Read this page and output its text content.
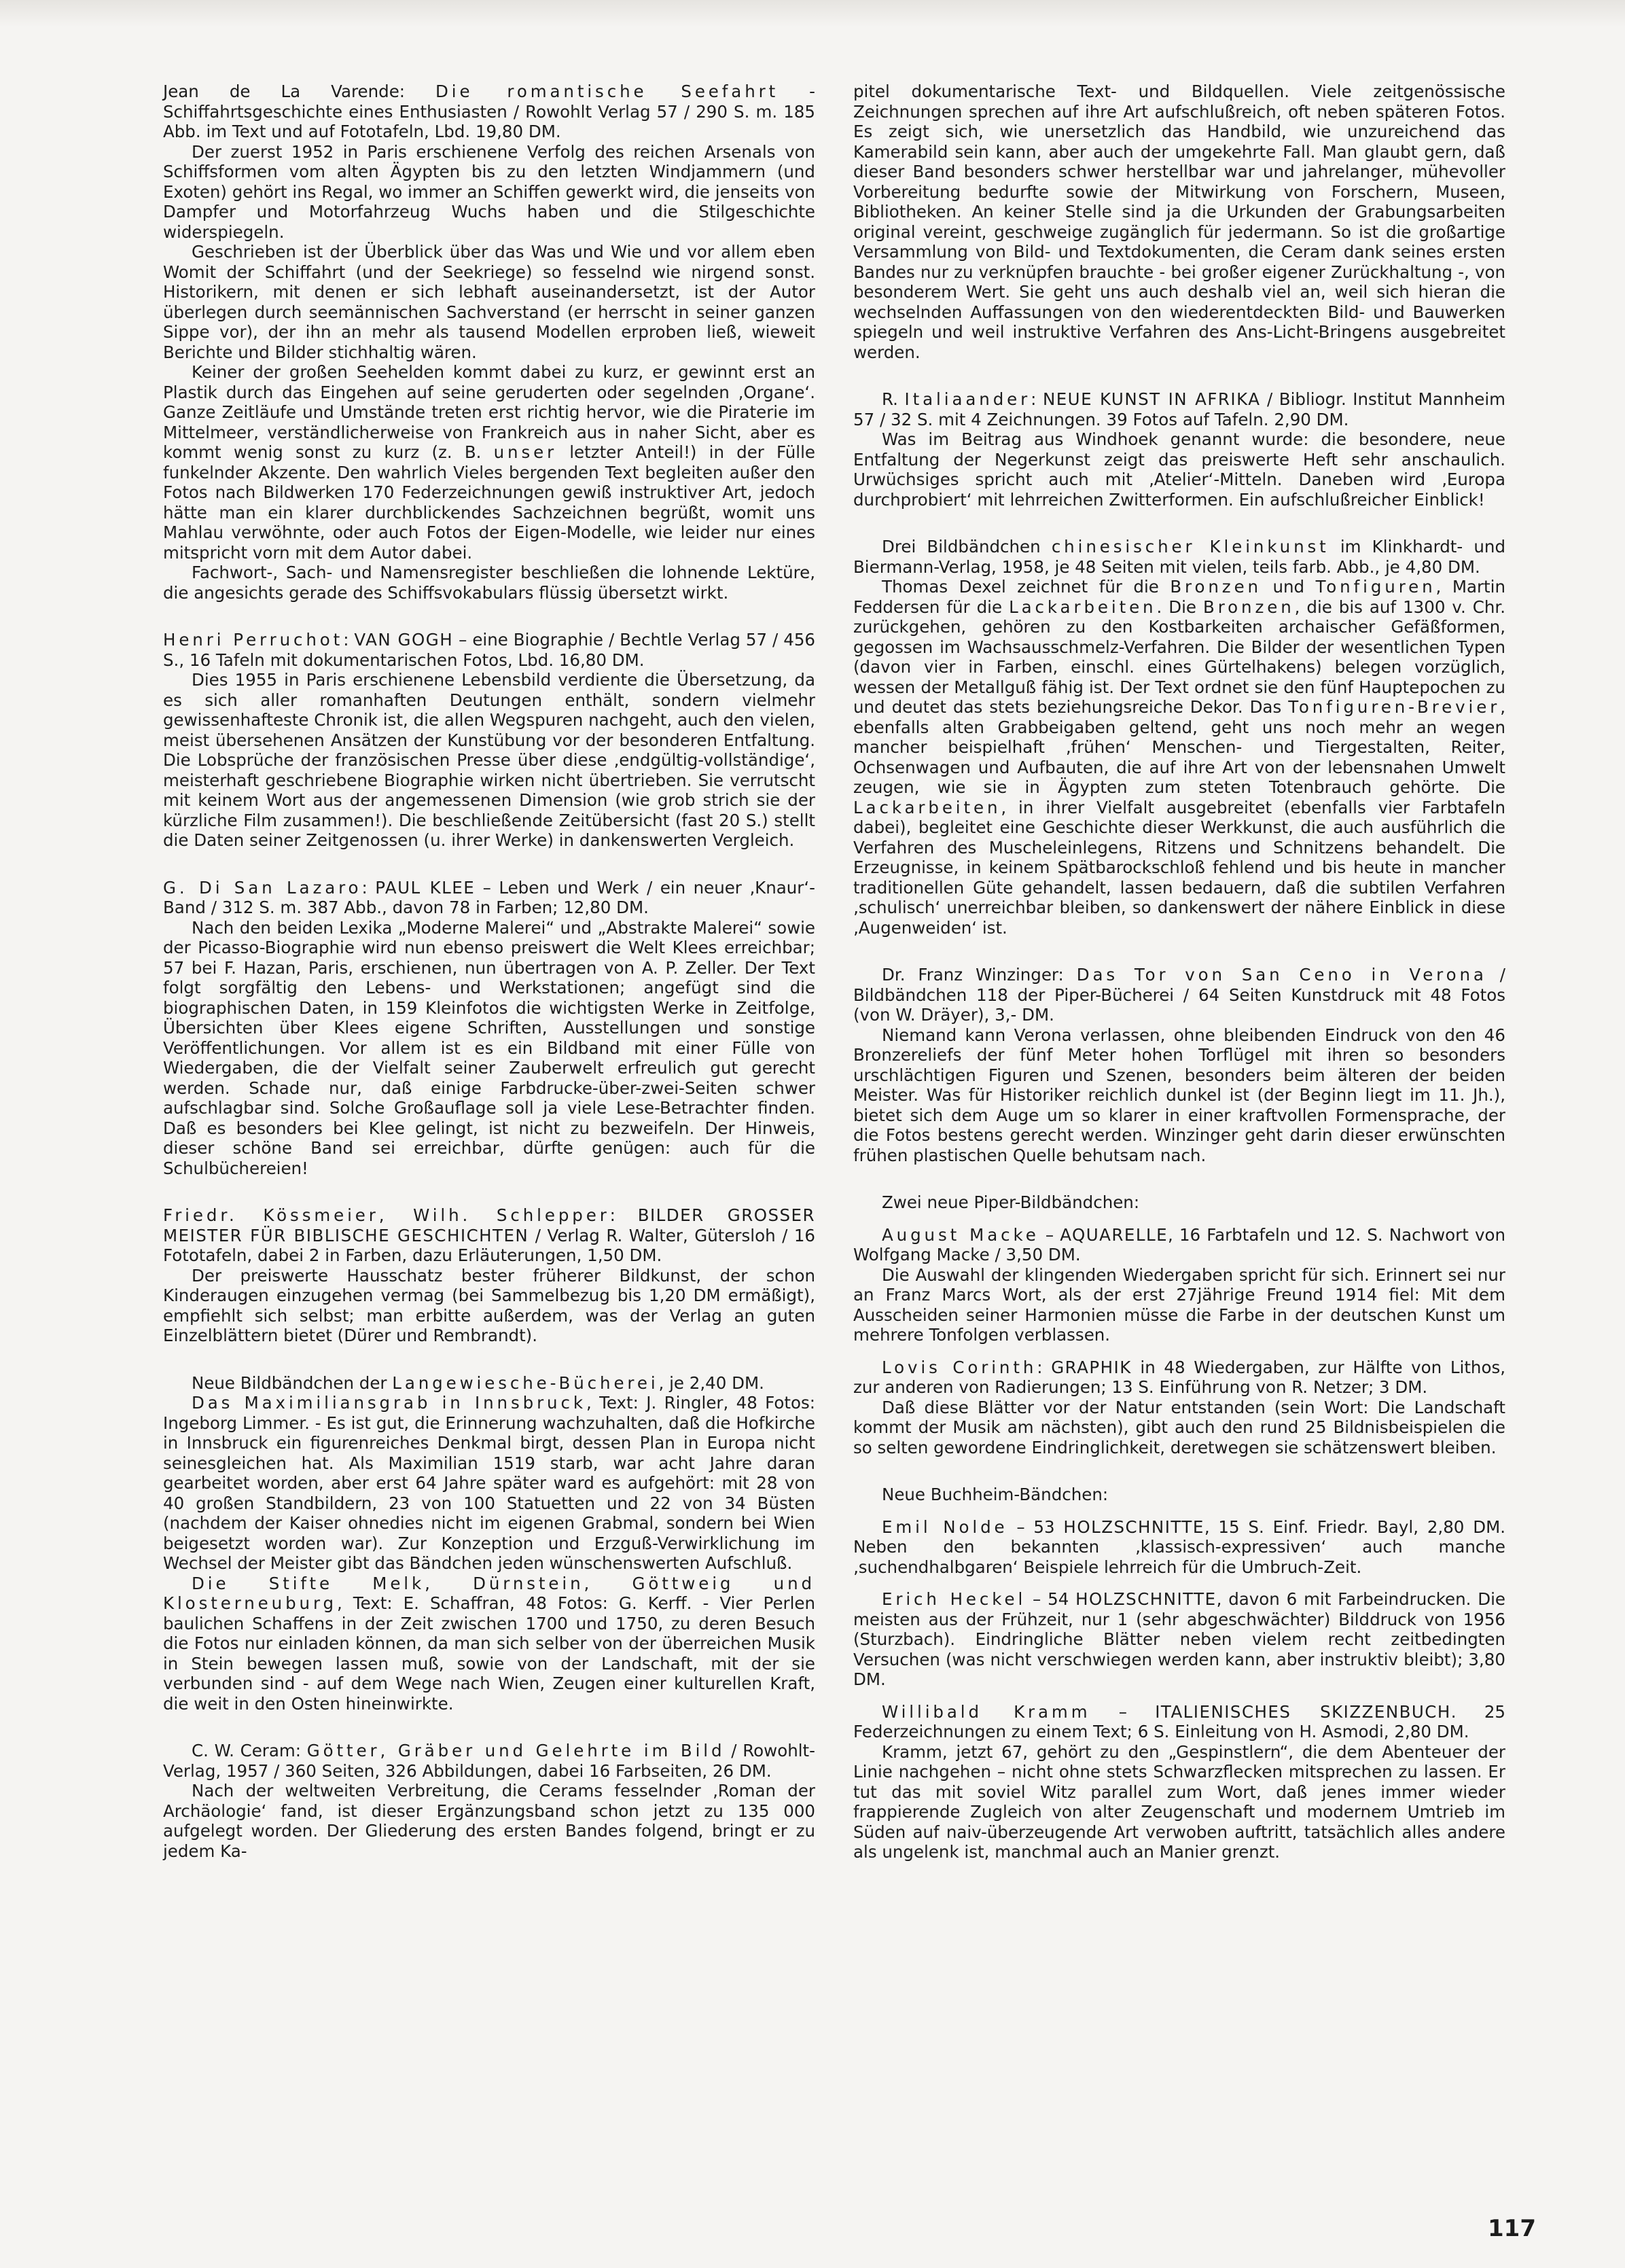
Jean de La Varende: Die romantische Seefahrt - Schiffahrtsgeschichte eines Enthusiasten / Rowohlt Verlag 57 / 290 S. m. 185 Abb. im Text und auf Fototafeln, Lbd. 19,80 DM.

Der zuerst 1952 in Paris erschienene Verfolg des reichen Arsenals von Schiffsformen vom alten Ägypten bis zu den letzten Windjammern (und Exoten) gehört ins Regal, wo immer an Schiffen gewerkt wird, die jenseits von Dampfer und Motorfahrzeug Wuchs haben und die Stilgeschichte widerspiegeln.

Geschrieben ist der Überblick über das Was und Wie und vor allem eben Womit der Schiffahrt (und der Seekriege) so fesselnd wie nirgend sonst. Historikern, mit denen er sich lebhaft auseinandersetzt, ist der Autor überlegen durch seemännischen Sachverstand (er herrscht in seiner ganzen Sippe vor), der ihn an mehr als tausend Modellen erproben ließ, wieweit Berichte und Bilder stichhaltig wären.

Keiner der großen Seehelden kommt dabei zu kurz, er gewinnt erst an Plastik durch das Eingehen auf seine geruderten oder segelnden ‚Organe‘. Ganze Zeitläufe und Umstände treten erst richtig hervor, wie die Piraterie im Mittelmeer, verständlicherweise von Frankreich aus in naher Sicht, aber es kommt wenig sonst zu kurz (z. B. unser letzter Anteil!) in der Fülle funkelnder Akzente. Den wahrlich Vieles bergenden Text begleiten außer den Fotos nach Bildwerken 170 Federzeichnungen gewiß instruktiver Art, jedoch hätte man ein klarer durchblickendes Sachzeichnen begrüßt, womit uns Mahlau verwöhnte, oder auch Fotos der Eigen-Modelle, wie leider nur eines mitspricht vorn mit dem Autor dabei.

Fachwort-, Sach- und Namensregister beschließen die lohnende Lektüre, die angesichts gerade des Schiffsvokabulars flüssig übersetzt wirkt.

Henri Perruchot: VAN GOGH – eine Biographie / Bechtle Verlag 57 / 456 S., 16 Tafeln mit dokumentarischen Fotos, Lbd. 16,80 DM.

Dies 1955 in Paris erschienene Lebensbild verdiente die Übersetzung, da es sich aller romanhaften Deutungen enthält, sondern vielmehr gewissenhafteste Chronik ist, die allen Wegspuren nachgeht, auch den vielen, meist übersehenen Ansätzen der Kunstübung vor der besonderen Entfaltung. Die Lobsprüche der französischen Presse über diese ‚endgültig-vollständige‘, meisterhaft geschriebene Biographie wirken nicht übertrieben. Sie verrutscht mit keinem Wort aus der angemessenen Dimension (wie grob strich sie der kürzliche Film zusammen!). Die beschließende Zeitübersicht (fast 20 S.) stellt die Daten seiner Zeitgenossen (u. ihrer Werke) in dankenswerten Vergleich.

G. Di San Lazaro: PAUL KLEE – Leben und Werk / ein neuer ‚Knaur‘-Band / 312 S. m. 387 Abb., davon 78 in Farben; 12,80 DM.

Nach den beiden Lexika „Moderne Malerei“ und „Abstrakte Malerei“ sowie der Picasso-Biographie wird nun ebenso preiswert die Welt Klees erreichbar; 57 bei F. Hazan, Paris, erschienen, nun übertragen von A. P. Zeller. Der Text folgt sorgfältig den Lebens- und Werkstationen; angefügt sind die biographischen Daten, in 159 Kleinfotos die wichtigsten Werke in Zeitfolge, Übersichten über Klees eigene Schriften, Ausstellungen und sonstige Veröffentlichungen. Vor allem ist es ein Bildband mit einer Fülle von Wiedergaben, die der Vielfalt seiner Zauberwelt erfreulich gut gerecht werden. Schade nur, daß einige Farbdrucke-über-zwei-Seiten schwer aufschlagbar sind. Solche Großauflage soll ja viele Lese-Betrachter finden. Daß es besonders bei Klee gelingt, ist nicht zu bezweifeln. Der Hinweis, dieser schöne Band sei erreichbar, dürfte genügen: auch für die Schulbüchereien!

Friedr. Kössmeier, Wilh. Schlepper: BILDER GROSSER MEISTER FÜR BIBLISCHE GESCHICHTEN / Verlag R. Walter, Gütersloh / 16 Fototafeln, dabei 2 in Farben, dazu Erläuterungen, 1,50 DM.

Der preiswerte Hausschatz bester früherer Bildkunst, der schon Kinderaugen einzugehen vermag (bei Sammelbezug bis 1,20 DM ermäßigt), empfiehlt sich selbst; man erbitte außerdem, was der Verlag an guten Einzelblättern bietet (Dürer und Rembrandt).

Neue Bildbändchen der Langewiesche-Bücherei, je 2,40 DM.

Das Maximiliansgrab in Innsbruck, Text: J. Ringler, 48 Fotos: Ingeborg Limmer. - Es ist gut, die Erinnerung wachzuhalten, daß die Hofkirche in Innsbruck ein figurenreiches Denkmal birgt, dessen Plan in Europa nicht seinesgleichen hat. Als Maximilian 1519 starb, war acht Jahre daran gearbeitet worden, aber erst 64 Jahre später ward es aufgehört: mit 28 von 40 großen Standbildern, 23 von 100 Statuetten und 22 von 34 Büsten (nachdem der Kaiser ohnedies nicht im eigenen Grabmal, sondern bei Wien beigesetzt worden war). Zur Konzeption und Erzguß-Verwirklichung im Wechsel der Meister gibt das Bändchen jeden wünschenswerten Aufschluß.

Die Stifte Melk, Dürnstein, Göttweig und Klosterneuburg, Text: E. Schaffran, 48 Fotos: G. Kerff. - Vier Perlen baulichen Schaffens in der Zeit zwischen 1700 und 1750, zu deren Besuch die Fotos nur einladen können, da man sich selber von der überreichen Musik in Stein bewegen lassen muß, sowie von der Landschaft, mit der sie verbunden sind - auf dem Wege nach Wien, Zeugen einer kulturellen Kraft, die weit in den Osten hineinwirkte.

C. W. Ceram: Götter, Gräber und Gelehrte im Bild / Rowohlt-Verlag, 1957 / 360 Seiten, 326 Abbildungen, dabei 16 Farbseiten, 26 DM.

Nach der weltweiten Verbreitung, die Cerams fesselnder ‚Roman der Archäologie‘ fand, ist dieser Ergänzungsband schon jetzt zu 135 000 aufgelegt worden. Der Gliederung des ersten Bandes folgend, bringt er zu jedem Ka-

pitel dokumentarische Text- und Bildquellen. Viele zeitgenössische Zeichnungen sprechen auf ihre Art aufschlußreich, oft neben späteren Fotos. Es zeigt sich, wie unersetzlich das Handbild, wie unzureichend das Kamerabild sein kann, aber auch der umgekehrte Fall. Man glaubt gern, daß dieser Band besonders schwer herstellbar war und jahrelanger, mühevoller Vorbereitung bedurfte sowie der Mitwirkung von Forschern, Museen, Bibliotheken. An keiner Stelle sind ja die Urkunden der Grabungsarbeiten original vereint, geschweige zugänglich für jedermann. So ist die großartige Versammlung von Bild- und Textdokumenten, die Ceram dank seines ersten Bandes nur zu verknüpfen brauchte - bei großer eigener Zurückhaltung -, von besonderem Wert. Sie geht uns auch deshalb viel an, weil sich hieran die wechselnden Auffassungen von den wiederentdeckten Bild- und Bauwerken spiegeln und weil instruktive Verfahren des Ans-Licht-Bringens ausgebreitet werden.

R. Italiaander: NEUE KUNST IN AFRIKA / Bibliogr. Institut Mannheim 57 / 32 S. mit 4 Zeichnungen. 39 Fotos auf Tafeln. 2,90 DM.

Was im Beitrag aus Windhoek genannt wurde: die besondere, neue Entfaltung der Negerkunst zeigt das preiswerte Heft sehr anschaulich. Urwüchsiges spricht auch mit ‚Atelier‘-Mitteln. Daneben wird ‚Europa durchprobiert‘ mit lehrreichen Zwitterformen. Ein aufschlußreicher Einblick!

Drei Bildbändchen chinesischer Kleinkunst im Klinkhardt- und Biermann-Verlag, 1958, je 48 Seiten mit vielen, teils farb. Abb., je 4,80 DM.

Thomas Dexel zeichnet für die Bronzen und Tonfiguren, Martin Feddersen für die Lackarbeiten. Die Bronzen, die bis auf 1300 v. Chr. zurückgehen, gehören zu den Kostbarkeiten archaischer Gefäßformen, gegossen im Wachsausschmelz-Verfahren. Die Bilder der wesentlichen Typen (davon vier in Farben, einschl. eines Gürtelhakens) belegen vorzüglich, wessen der Metallguß fähig ist. Der Text ordnet sie den fünf Hauptepochen zu und deutet das stets beziehungsreiche Dekor. Das Tonfiguren-Brevier, ebenfalls alten Grabbeigaben geltend, geht uns noch mehr an wegen mancher beispielhaft ‚frühen‘ Menschen- und Tiergestalten, Reiter, Ochsenwagen und Aufbauten, die auf ihre Art von der lebensnahen Umwelt zeugen, wie sie in Ägypten zum steten Totenbrauch gehörte. Die Lackarbeiten, in ihrer Vielfalt ausgebreitet (ebenfalls vier Farbtafeln dabei), begleitet eine Geschichte dieser Werkkunst, die auch ausführlich die Verfahren des Muscheleinlegens, Ritzens und Schnitzens behandelt. Die Erzeugnisse, in keinem Spätbarockschloß fehlend und bis heute in mancher traditionellen Güte gehandelt, lassen bedauern, daß die subtilen Verfahren ‚schulisch‘ unerreichbar bleiben, so dankenswert der nähere Einblick in diese ‚Augenweiden‘ ist.

Dr. Franz Winzinger: Das Tor von San Ceno in Verona / Bildbändchen 118 der Piper-Bücherei / 64 Seiten Kunstdruck mit 48 Fotos (von W. Dräyer), 3,- DM.

Niemand kann Verona verlassen, ohne bleibenden Eindruck von den 46 Bronzereliefs der fünf Meter hohen Torflügel mit ihren so besonders urschlächtigen Figuren und Szenen, besonders beim älteren der beiden Meister. Was für Historiker reichlich dunkel ist (der Beginn liegt im 11. Jh.), bietet sich dem Auge um so klarer in einer kraftvollen Formensprache, der die Fotos bestens gerecht werden. Winzinger geht darin dieser erwünschten frühen plastischen Quelle behutsam nach.

Zwei neue Piper-Bildbändchen:

August Macke – AQUARELLE, 16 Farbtafeln und 12. S. Nachwort von Wolfgang Macke / 3,50 DM.

Die Auswahl der klingenden Wiedergaben spricht für sich. Erinnert sei nur an Franz Marcs Wort, als der erst 27jährige Freund 1914 fiel: Mit dem Ausscheiden seiner Harmonien müsse die Farbe in der deutschen Kunst um mehrere Tonfolgen verblassen.

Lovis Corinth: GRAPHIK in 48 Wiedergaben, zur Hälfte von Lithos, zur anderen von Radierungen; 13 S. Einführung von R. Netzer; 3 DM.

Daß diese Blätter vor der Natur entstanden (sein Wort: Die Landschaft kommt der Musik am nächsten), gibt auch den rund 25 Bildnisbeispielen die so selten gewordene Eindringlichkeit, deretwegen sie schätzenswert bleiben.

Neue Buchheim-Bändchen:

Emil Nolde – 53 HOLZSCHNITTE, 15 S. Einf. Friedr. Bayl, 2,80 DM. Neben den bekannten ‚klassisch-expressiven‘ auch manche ‚suchendhalbgaren‘ Beispiele lehrreich für die Umbruch-Zeit.

Erich Heckel – 54 HOLZSCHNITTE, davon 6 mit Farbeindrucken. Die meisten aus der Frühzeit, nur 1 (sehr abgeschwächter) Bilddruck von 1956 (Sturzbach). Eindringliche Blätter neben vielem recht zeitbedingten Versuchen (was nicht verschwiegen werden kann, aber instruktiv bleibt); 3,80 DM.

Willibald Kramm – ITALIENISCHES SKIZZENBUCH. 25 Federzeichnungen zu einem Text; 6 S. Einleitung von H. Asmodi, 2,80 DM.

Kramm, jetzt 67, gehört zu den „Gespinstlern“, die dem Abenteuer der Linie nachgehen – nicht ohne stets Schwarzflecken mitsprechen zu lassen. Er tut das mit soviel Witz parallel zum Wort, daß jenes immer wieder frappierende Zugleich von alter Zeugenschaft und modernem Umtrieb im Süden auf naiv-überzeugende Art verwoben auftritt, tatsächlich alles andere als ungelenk ist, manchmal auch an Manier grenzt.

117
